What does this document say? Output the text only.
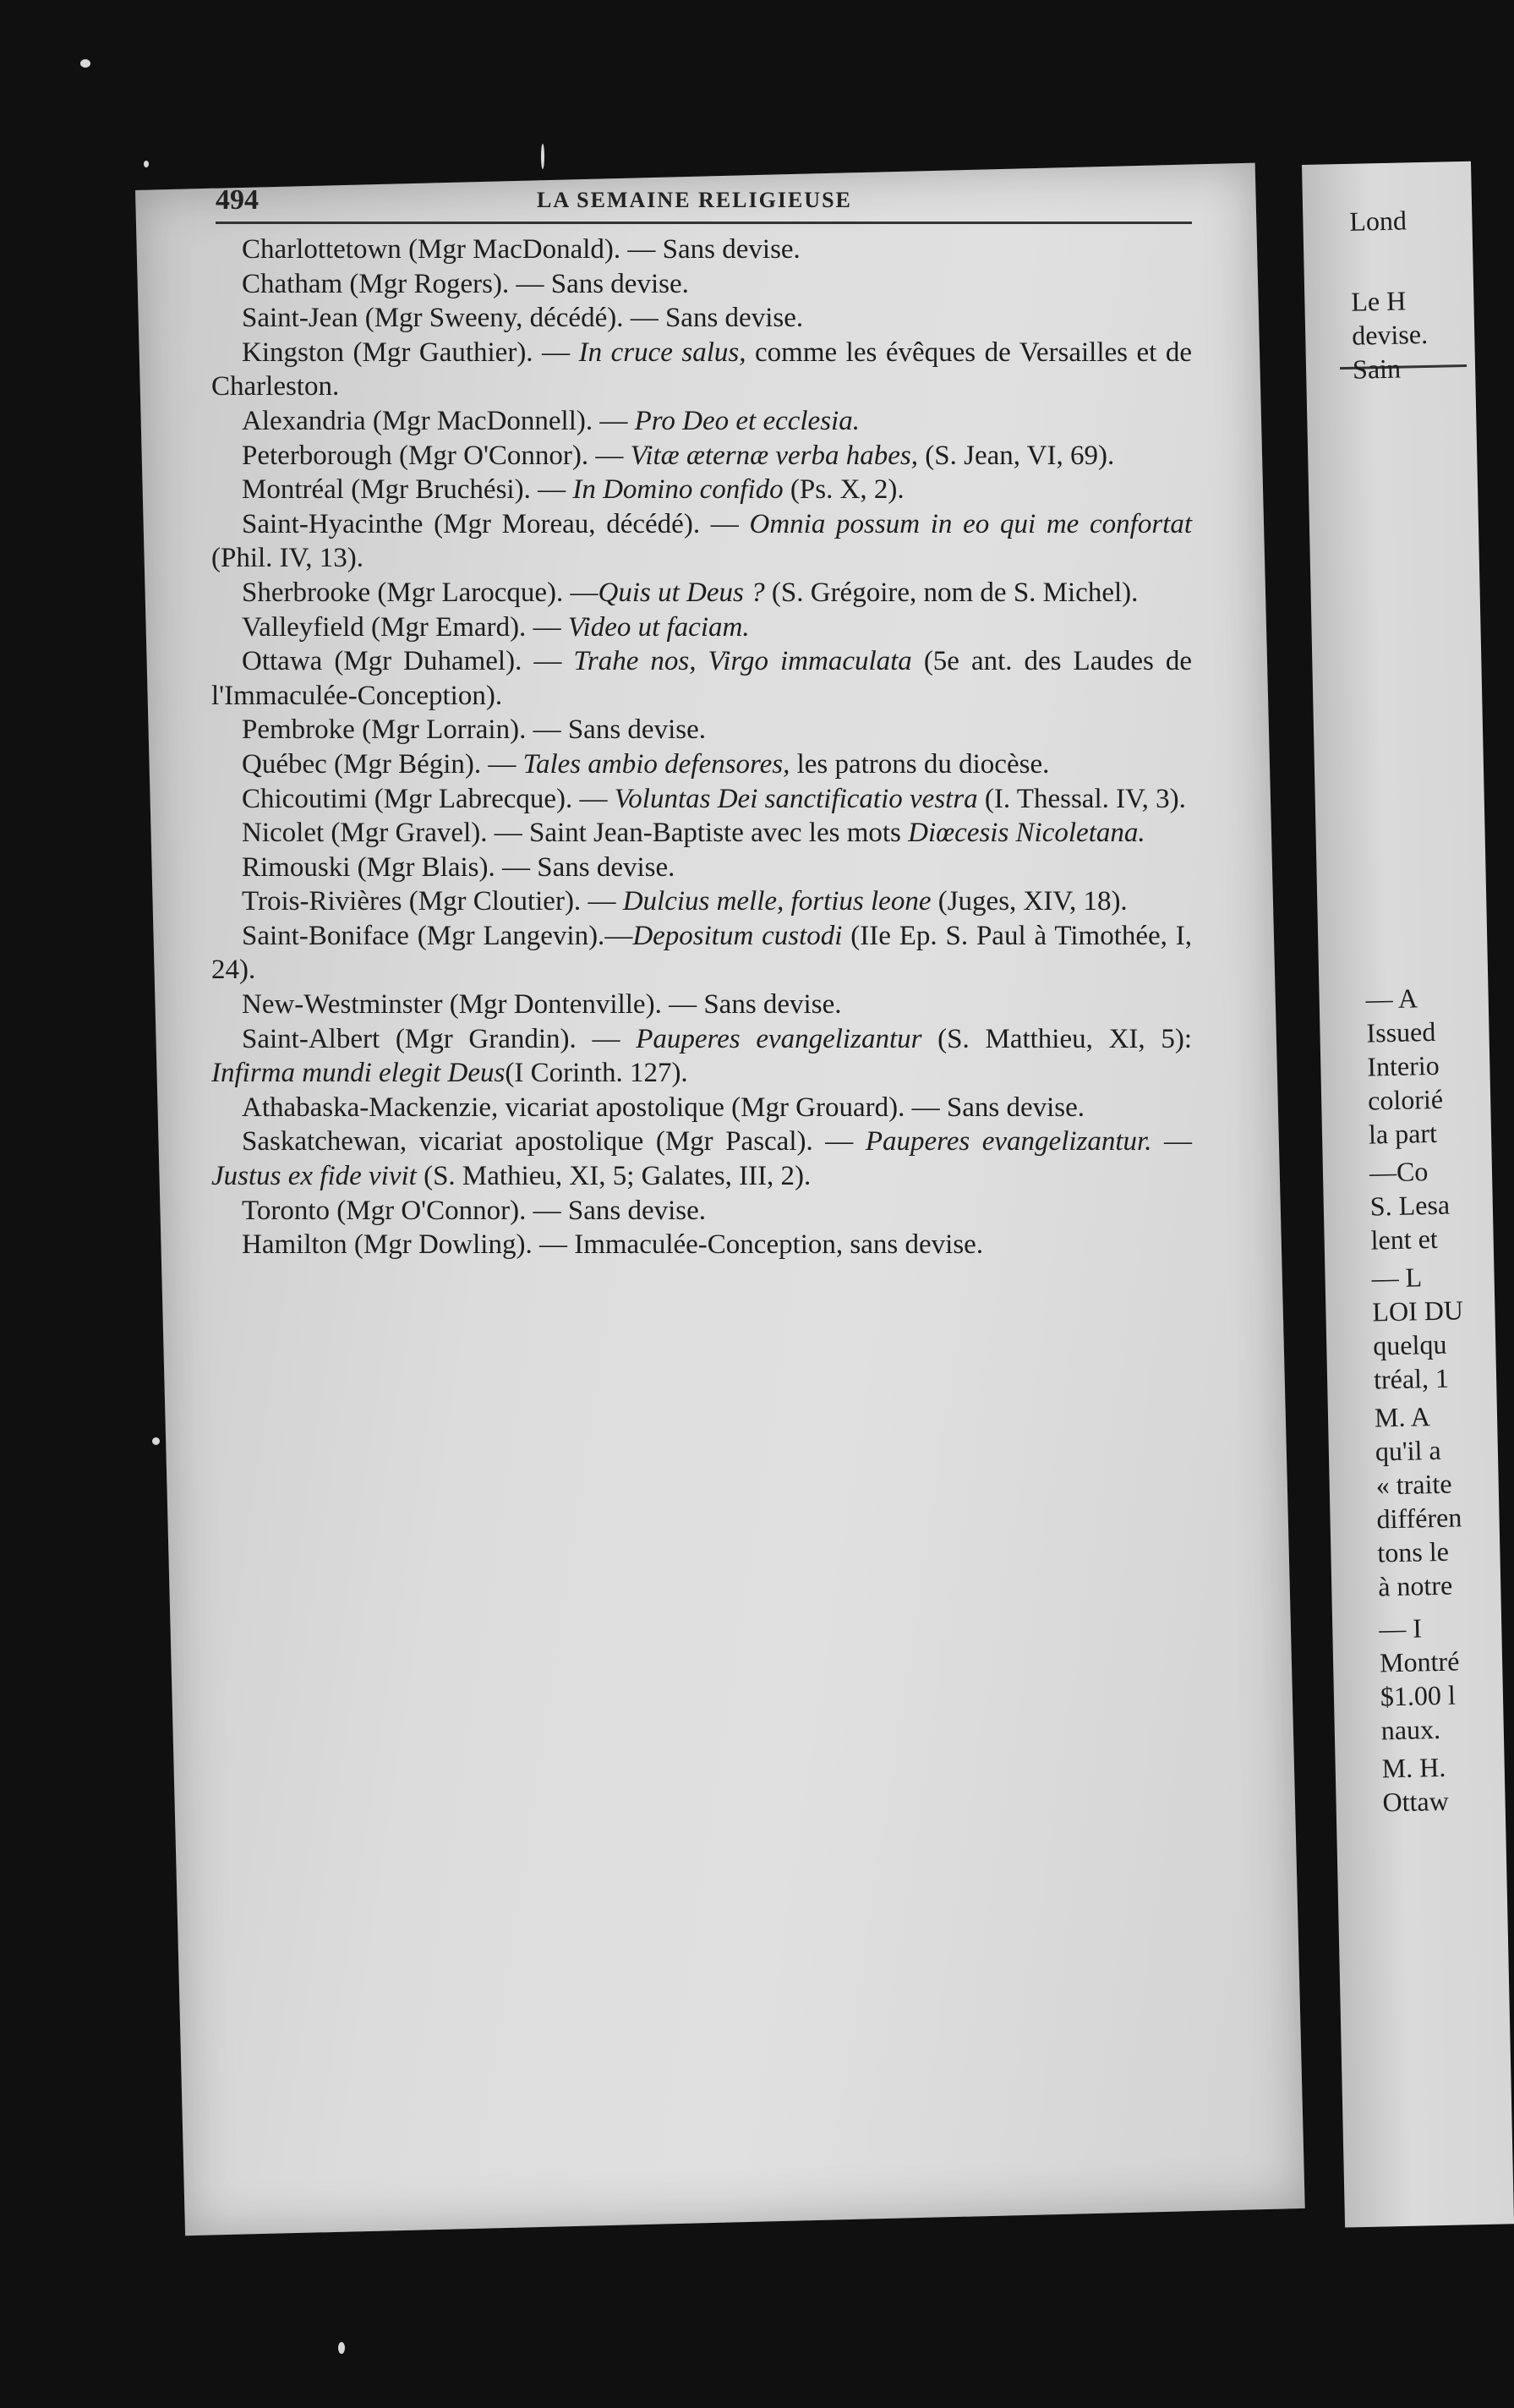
Lond
Le H
devise.
Sain
— A
Issued
Interio
colorié
la part
—Co
S. Lesa
lent et
— L
LOI DU
quelqu
tréal, 1
M. A
qu'il a
« traite
différen
tons le
à notre
— I
Montré
$1.00 l
naux.
M. H.
Ottaw
494	LA SEMAINE RELIGIEUSE

Charlottetown (Mgr MacDonald). — Sans devise.

Chatham (Mgr Rogers). — Sans devise.

Saint-Jean (Mgr Sweeny, décédé). — Sans devise.

Kingston (Mgr Gauthier). — In cruce salus, comme les évêques de Versailles et de Charleston.

Alexandria (Mgr MacDonnell). — Pro Deo et ecclesia.

Peterborough (Mgr O'Connor). — Vitæ æternæ verba habes, (S. Jean, VI, 69).

Montréal (Mgr Bruchési). — In Domino confido (Ps. X, 2).

Saint-Hyacinthe (Mgr Moreau, décédé). — Omnia possum in eo qui me confortat (Phil. IV, 13).

Sherbrooke (Mgr Larocque). —Quis ut Deus ? (S. Grégoire, nom de S. Michel).

Valleyfield (Mgr Emard). — Video ut faciam.

Ottawa (Mgr Duhamel). — Trahe nos, Virgo immaculata (5e ant. des Laudes de l'Immaculée-Conception).

Pembroke (Mgr Lorrain). — Sans devise.

Québec (Mgr Bégin). — Tales ambio defensores, les patrons du diocèse.

Chicoutimi (Mgr Labrecque). — Voluntas Dei sanctificatio vestra (I. Thessal. IV, 3).

Nicolet (Mgr Gravel). — Saint Jean-Baptiste avec les mots Diœcesis Nicoletana.

Rimouski (Mgr Blais). — Sans devise.

Trois-Rivières (Mgr Cloutier). — Dulcius melle, fortius leone (Juges, XIV, 18).

Saint-Boniface (Mgr Langevin).—Depositum custodi (IIe Ep. S. Paul à Timothée, I, 24).

New-Westminster (Mgr Dontenville). — Sans devise.

Saint-Albert (Mgr Grandin). — Pauperes evangelizantur (S. Matthieu, XI, 5): Infirma mundi elegit Deus(I Corinth. 127).

Athabaska-Mackenzie, vicariat apostolique (Mgr Grouard). — Sans devise.

Saskatchewan, vicariat apostolique (Mgr Pascal). — Pauperes evangelizantur. — Justus ex fide vivit (S. Mathieu, XI, 5; Galates, III, 2).

Toronto (Mgr O'Connor). — Sans devise.

Hamilton (Mgr Dowling). — Immaculée-Conception, sans devise.
